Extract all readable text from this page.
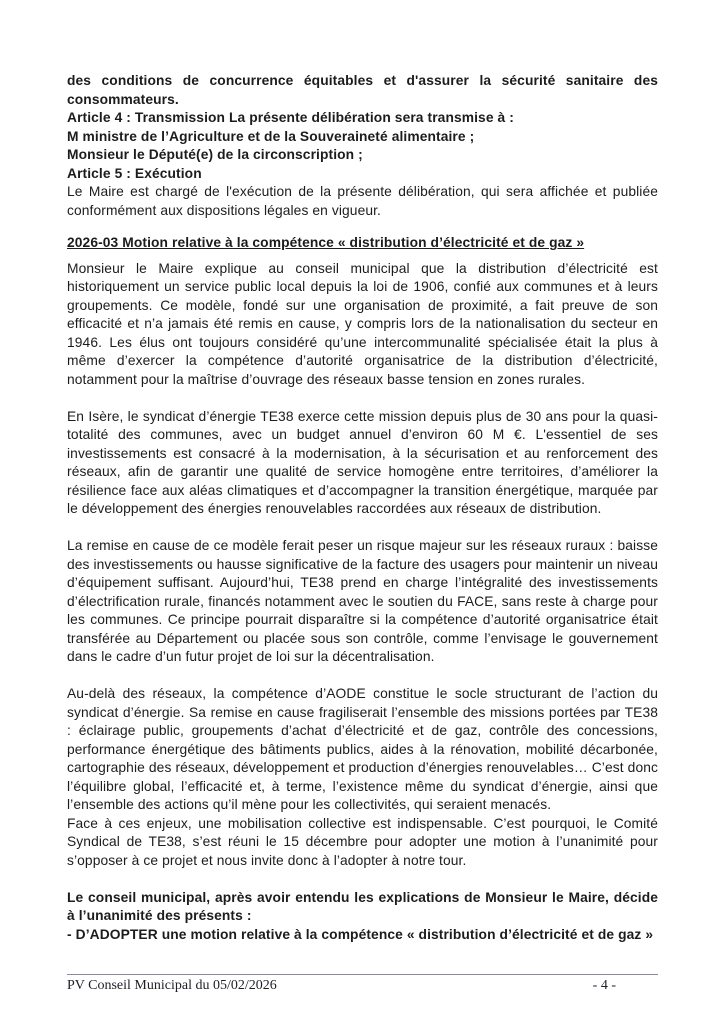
des conditions de concurrence équitables et d'assurer la sécurité sanitaire des consommateurs.

Article 4 : Transmission La présente délibération sera transmise à :
M ministre de l’Agriculture et de la Souveraineté alimentaire ;
Monsieur le Député(e) de la circonscription ;
Article 5 : Exécution

Le Maire est chargé de l'exécution de la présente délibération, qui sera affichée et publiée conformément aux dispositions légales en vigueur.

2026-03 Motion relative à la compétence « distribution d’électricité et de gaz »

Monsieur le Maire explique au conseil municipal que la distribution d’électricité est historiquement un service public local depuis la loi de 1906, confié aux communes et à leurs groupements. Ce modèle, fondé sur une organisation de proximité, a fait preuve de son efficacité et n’a jamais été remis en cause, y compris lors de la nationalisation du secteur en 1946. Les élus ont toujours considéré qu’une intercommunalité spécialisée était la plus à même d’exercer la compétence d’autorité organisatrice de la distribution d’électricité, notamment pour la maîtrise d’ouvrage des réseaux basse tension en zones rurales.

En Isère, le syndicat d’énergie TE38 exerce cette mission depuis plus de 30 ans pour la quasi-totalité des communes, avec un budget annuel d’environ 60 M €. L'essentiel de ses investissements est consacré à la modernisation, à la sécurisation et au renforcement des réseaux, afin de garantir une qualité de service homogène entre territoires, d’améliorer la résilience face aux aléas climatiques et d’accompagner la transition énergétique, marquée par le développement des énergies renouvelables raccordées aux réseaux de distribution.

La remise en cause de ce modèle ferait peser un risque majeur sur les réseaux ruraux : baisse des investissements ou hausse significative de la facture des usagers pour maintenir un niveau d’équipement suffisant. Aujourd’hui, TE38 prend en charge l’intégralité des investissements d’électrification rurale, financés notamment avec le soutien du FACE, sans reste à charge pour les communes. Ce principe pourrait disparaître si la compétence d’autorité organisatrice était transférée au Département ou placée sous son contrôle, comme l’envisage le gouvernement dans le cadre d’un futur projet de loi sur la décentralisation.

Au-delà des réseaux, la compétence d’AODE constitue le socle structurant de l’action du syndicat d’énergie. Sa remise en cause fragiliserait l’ensemble des missions portées par TE38 : éclairage public, groupements d’achat d’électricité et de gaz, contrôle des concessions, performance énergétique des bâtiments publics, aides à la rénovation, mobilité décarbonée, cartographie des réseaux, développement et production d’énergies renouvelables… C’est donc l’équilibre global, l’efficacité et, à terme, l’existence même du syndicat d’énergie, ainsi que l’ensemble des actions qu’il mène pour les collectivités, qui seraient menacés.

Face à ces enjeux, une mobilisation collective est indispensable. C’est pourquoi, le Comité Syndical de TE38, s’est réuni le 15 décembre pour adopter une motion à l’unanimité pour s’opposer à ce projet et nous invite donc à l’adopter à notre tour.

Le conseil municipal, après avoir entendu les explications de Monsieur le Maire, décide à l’unanimité des présents :

- D’ADOPTER une motion relative à la compétence « distribution d’électricité et de gaz »

PV Conseil Municipal du 05/02/2026	- 4 -
